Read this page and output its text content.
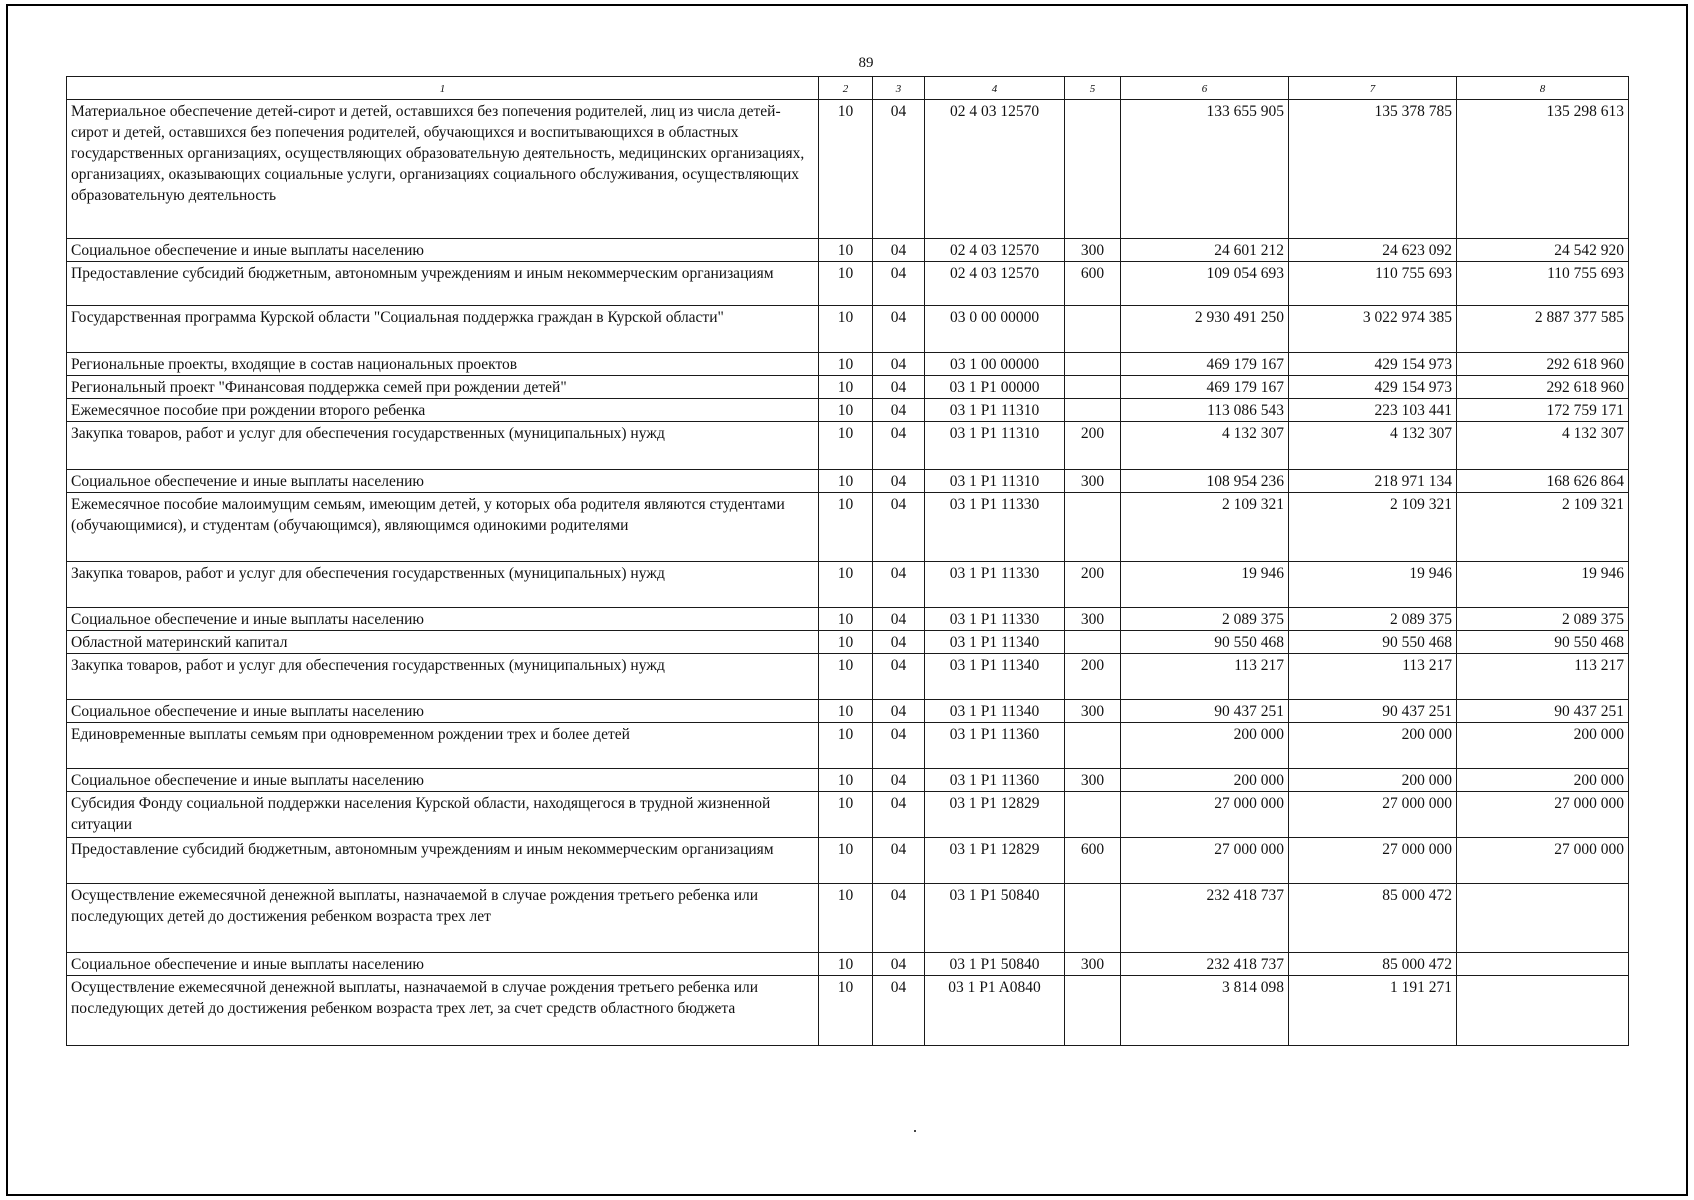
89
1	2	3	4	5	6	7	8
Материальное обеспечение детей-сирот и детей, оставшихся без попечения родителей, лиц из числа детей-сирот и детей, оставшихся без попечения родителей, обучающихся и воспитывающихся в областных государственных организациях, осуществляющих образовательную деятельность, медицинских организациях, организациях, оказывающих социальные услуги, организациях социального обслуживания, осуществляющих образовательную деятельность	10	04	02 4 03 12570		133 655 905	135 378 785	135 298 613
Социальное обеспечение и иные выплаты населению	10	04	02 4 03 12570	300	24 601 212	24 623 092	24 542 920
Предоставление субсидий бюджетным, автономным учреждениям и иным некоммерческим организациям	10	04	02 4 03 12570	600	109 054 693	110 755 693	110 755 693
Государственная программа Курской области "Социальная поддержка граждан в Курской области"	10	04	03 0 00 00000		2 930 491 250	3 022 974 385	2 887 377 585
Региональные проекты, входящие в состав национальных проектов	10	04	03 1 00 00000		469 179 167	429 154 973	292 618 960
Региональный проект "Финансовая поддержка семей при рождении детей"	10	04	03 1 P1 00000		469 179 167	429 154 973	292 618 960
Ежемесячное пособие при рождении второго ребенка	10	04	03 1 P1 11310		113 086 543	223 103 441	172 759 171
Закупка товаров, работ и услуг для обеспечения государственных (муниципальных) нужд	10	04	03 1 P1 11310	200	4 132 307	4 132 307	4 132 307
Социальное обеспечение и иные выплаты населению	10	04	03 1 P1 11310	300	108 954 236	218 971 134	168 626 864
Ежемесячное пособие малоимущим семьям, имеющим детей, у которых оба родителя являются студентами (обучающимися), и студентам (обучающимся), являющимся одинокими родителями	10	04	03 1 P1 11330		2 109 321	2 109 321	2 109 321
Закупка товаров, работ и услуг для обеспечения государственных (муниципальных) нужд	10	04	03 1 P1 11330	200	19 946	19 946	19 946
Социальное обеспечение и иные выплаты населению	10	04	03 1 P1 11330	300	2 089 375	2 089 375	2 089 375
Областной материнский капитал	10	04	03 1 P1 11340		90 550 468	90 550 468	90 550 468
Закупка товаров, работ и услуг для обеспечения государственных (муниципальных) нужд	10	04	03 1 P1 11340	200	113 217	113 217	113 217
Социальное обеспечение и иные выплаты населению	10	04	03 1 P1 11340	300	90 437 251	90 437 251	90 437 251
Единовременные выплаты семьям при одновременном рождении трех и более детей	10	04	03 1 P1 11360		200 000	200 000	200 000
Социальное обеспечение и иные выплаты населению	10	04	03 1 P1 11360	300	200 000	200 000	200 000
Субсидия Фонду социальной поддержки населения Курской области, находящегося в трудной жизненной ситуации	10	04	03 1 P1 12829		27 000 000	27 000 000	27 000 000
Предоставление субсидий бюджетным, автономным учреждениям и иным некоммерческим организациям	10	04	03 1 P1 12829	600	27 000 000	27 000 000	27 000 000
Осуществление ежемесячной денежной выплаты, назначаемой в случае рождения третьего ребенка или последующих детей до достижения ребенком возраста трех лет	10	04	03 1 P1 50840		232 418 737	85 000 472	
Социальное обеспечение и иные выплаты населению	10	04	03 1 P1 50840	300	232 418 737	85 000 472	
Осуществление ежемесячной денежной выплаты, назначаемой в случае рождения третьего ребенка или последующих детей до достижения ребенком возраста трех лет, за счет средств областного бюджета	10	04	03 1 P1 A0840		3 814 098	1 191 271	
